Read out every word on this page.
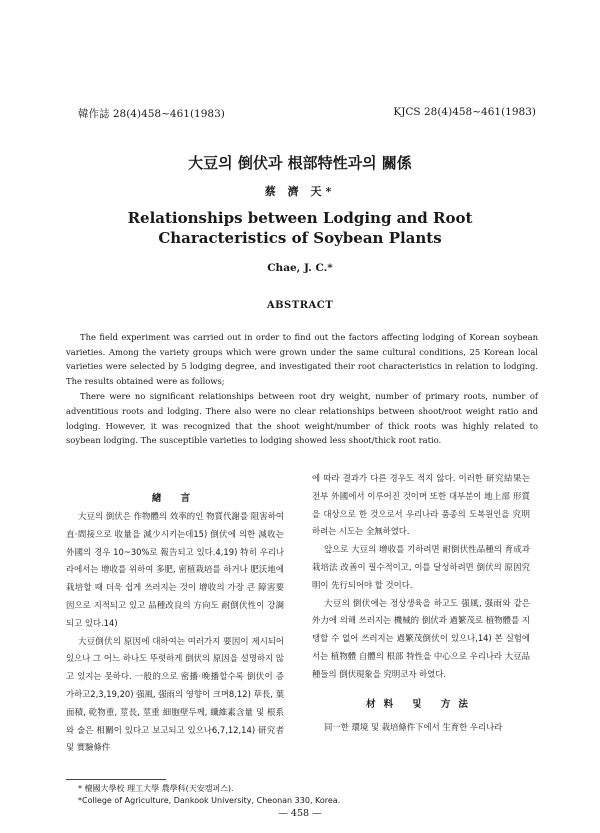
韓作誌 28(4)458~461(1983)	KJCS 28(4)458~461(1983)
大豆의 倒伏과 根部特性과의 關係
蔡 濟 天*
Relationships between Lodging and Root
Characteristics of Soybean Plants
Chae, J. C.*
ABSTRACT

The field experiment was carried out in order to find out the factors affecting lodging of Korean soybean varieties. Among the variety groups which were grown under the same cultural conditions, 25 Korean local varieties were selected by 5 lodging degree, and investigated their root characteristics in relation to lodging. The results obtained were as follows;

There were no significant relationships between root dry weight, number of primary roots, number of adventitious roots and lodging. There also were no clear relationships between shoot/root weight ratio and lodging. However, it was recognized that the shoot weight/number of thick roots was highly related to soybean lodging. The susceptible varieties to lodging showed less shoot/thick root ratio.

緖 言

大豆의 倒伏은 作物體의 效率的인 物質代謝를 阻害하여 直·間接으로 收量을 減少시키는데15) 倒伏에 의한 減收는 外國의 경우 10~30%로 報告되고 있다.4,19) 特히 우리나라에서는 增收를 위하여 多肥, 密植栽培를 하거나 肥沃地에 栽培할 때 더욱 쉽게 쓰러지는 것이 增收의 가장 큰 障害要因으로 지적되고 있고 品種改良의 方向도 耐倒伏性이 강調되고 있다.14)

大豆倒伏의 原因에 대하여는 여러가지 要因이 제시되어 있으나 그 어느 하나도 뚜렷하게 倒伏의 原因을 설명하지 않고 있지는 못하다. 一般的으로 密播·晩播할수록 倒伏이 증가하고2,3,19,20) 强風, 强雨의 영향이 크며8,12) 草長, 葉面積, 乾物重, 莖長, 莖重 細胞壁두께, 纖維素含量 및 根系와 술은 相關이 있다고 보고되고 있으나6,7,12,14) 研究者 및 實驗條件

에 따라 결과가 다른 경우도 적지 않다. 이러한 研究結果는 전부 外國에서 이루어진 것이며 또한 대부분이 地上部 形質을 대상으로 한 것으로서 우리나라 품종의 도복원인을 究明하려는 시도는 全無하였다.

앞으로 大豆의 增收를 기하려면 耐倒伏性品種의 育成과 栽培法 改善이 필수적이고, 이를 달성하려면 倒伏의 原因究明이 先行되어야 할 것이다.

大豆의 倒伏에는 정상생육을 하고도 强風, 强雨와 같은 外力에 의해 쓰러지는 機械的 倒伏과 過繁茂로 植物體를 지탱할 수 없어 쓰러지는 過繁茂倒伏이 있으나,14) 본 실험에서는 植物體 自體의 根部 特性을 中心으로 우리나라 大豆品種들의 倒伏現象을 究明코자 하였다.

材料 및 方法

同一한 環境 및 栽培條件下에서 生育한 우리나라

* 檀國大學校 理工大學 農學科(天安캠퍼스).
*College of Agriculture, Dankook University, Cheonan 330, Korea.
— 458 —
